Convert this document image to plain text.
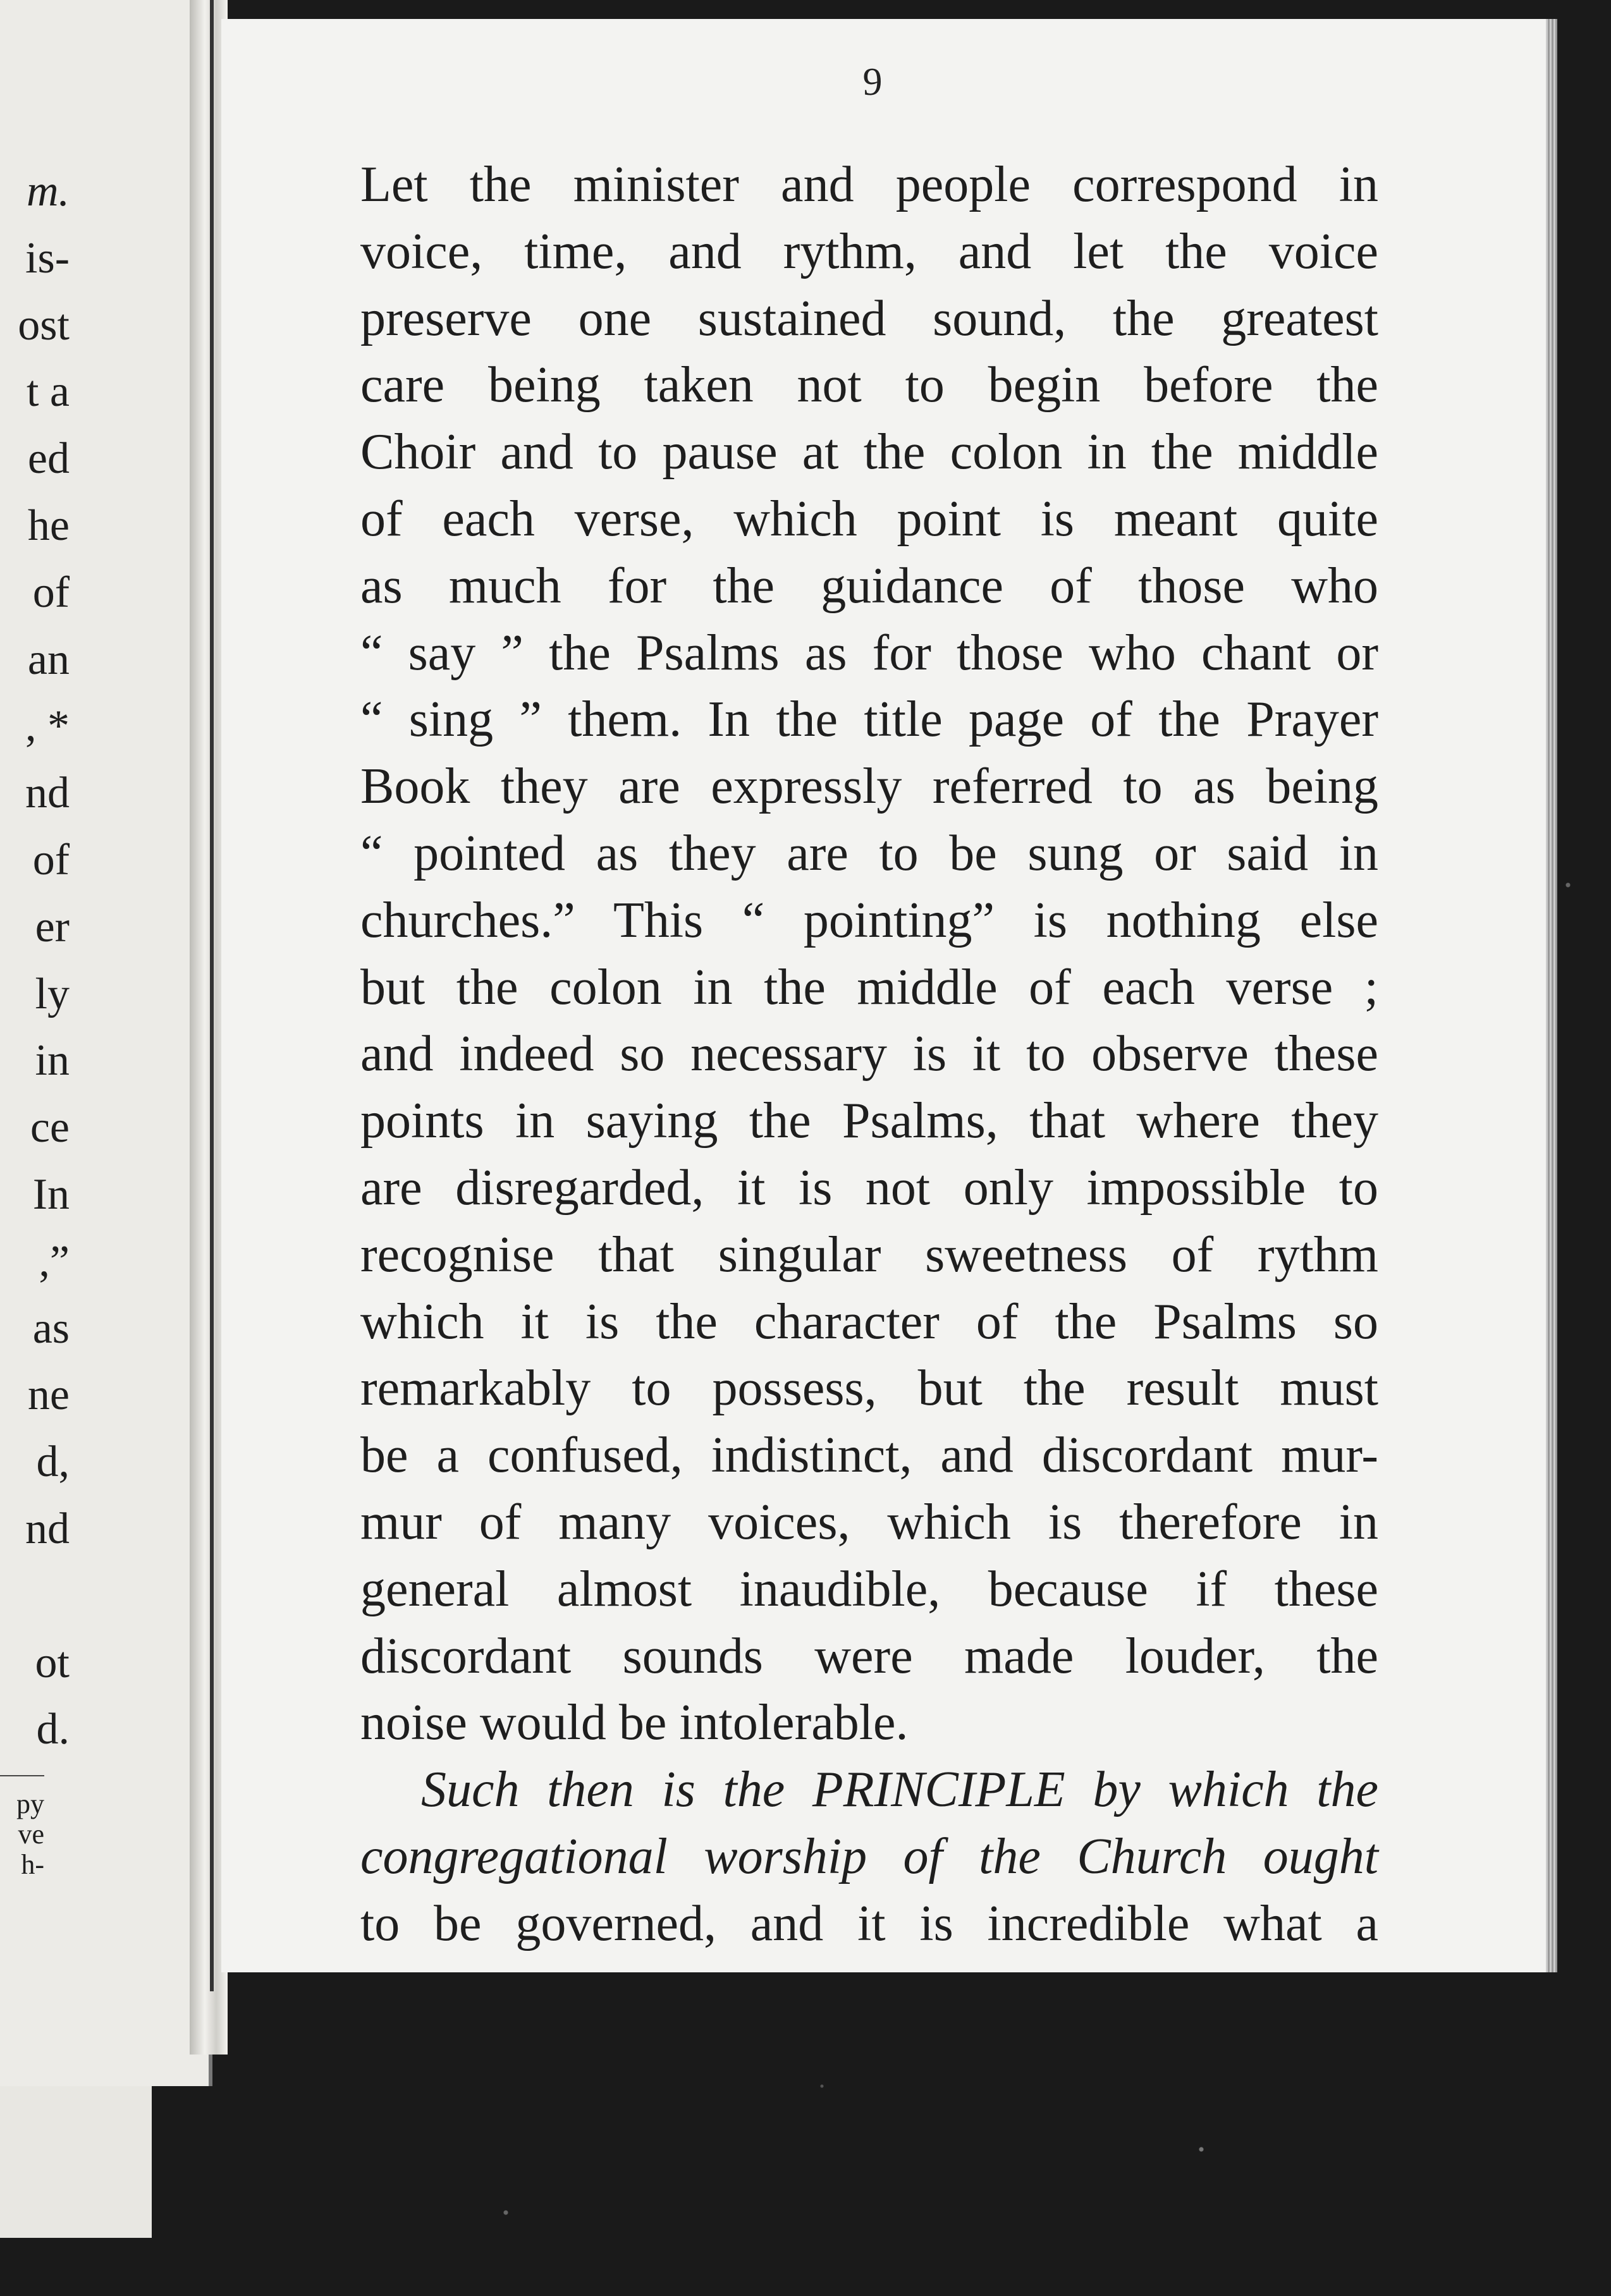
m.
is-
ost
t a
ed
he
of
an
, *
nd
of
er
ly
in
ce
In
,”
as
ne
d,
nd
ot
d.
py
ve
h-
9
Let the minister and people correspond in
voice, time, and rythm, and let the voice
preserve one sustained sound, the greatest
care being taken not to begin before the
Choir and to pause at the colon in the middle
of each verse, which point is meant quite
as much for the guidance of those who
“ say ” the Psalms as for those who chant or
“ sing ” them. In the title page of the Prayer
Book they are expressly referred to as being
“ pointed as they are to be sung or said in
churches.” This “ pointing” is nothing else
but the colon in the middle of each verse ;
and indeed so necessary is it to observe these
points in saying the Psalms, that where they
are disregarded, it is not only impossible to
recognise that singular sweetness of rythm
which it is the character of the Psalms so
remarkably to possess, but the result must
be a confused, indistinct, and discordant mur-
mur of many voices, which is therefore in
general almost inaudible, because if these
discordant sounds were made louder, the
noise would be intolerable.
Such then is the PRINCIPLE by which the
congregational worship of the Church ought
to be governed, and it is incredible what a
